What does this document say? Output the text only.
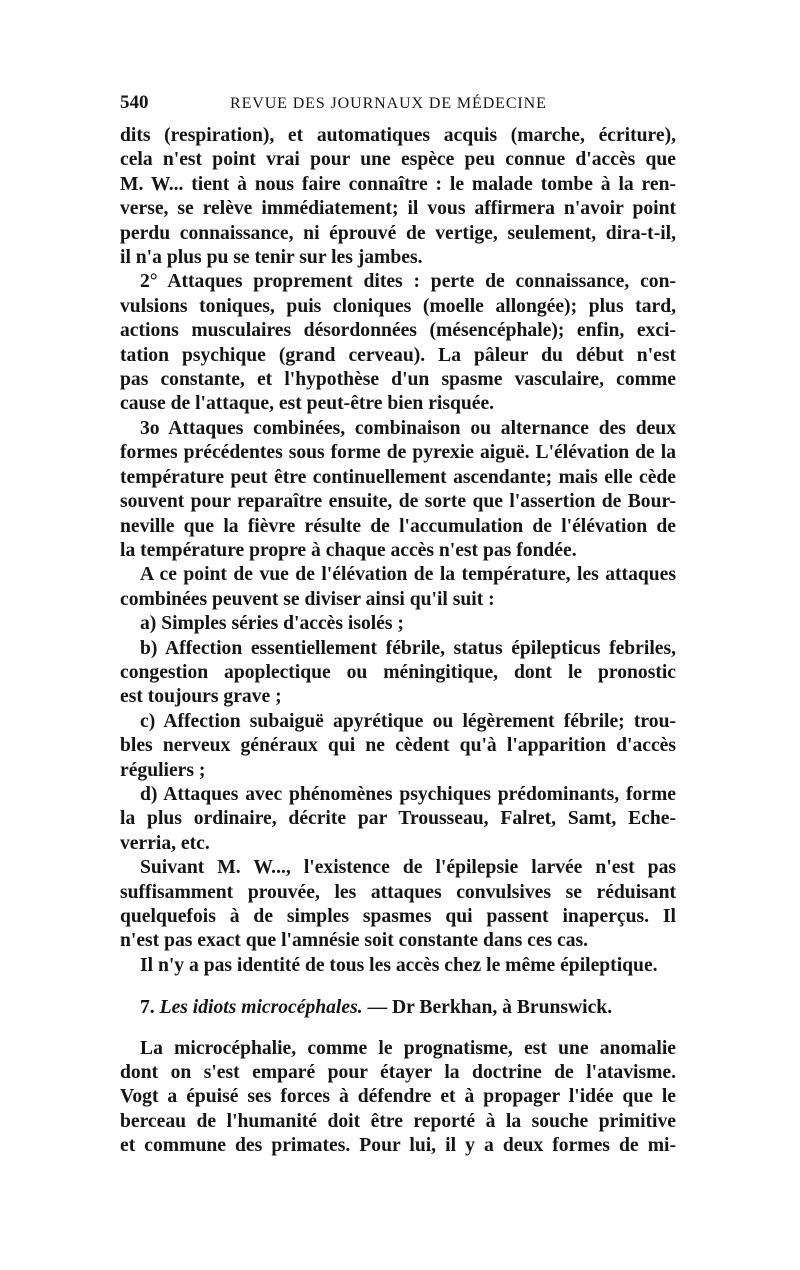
540	REVUE DES JOURNAUX DE MÉDECINE

dits (respiration), et automatiques acquis (marche, écriture),
cela n'est point vrai pour une espèce peu connue d'accès que
M. W... tient à nous faire connaître : le malade tombe à la ren-
verse, se relève immédiatement; il vous affirmera n'avoir point
perdu connaissance, ni éprouvé de vertige, seulement, dira-t-il,
il n'a plus pu se tenir sur les jambes.

2° Attaques proprement dites : perte de connaissance, con-
vulsions toniques, puis cloniques (moelle allongée); plus tard,
actions musculaires désordonnées (mésencéphale); enfin, exci-
tation psychique (grand cerveau). La pâleur du début n'est
pas constante, et l'hypothèse d'un spasme vasculaire, comme
cause de l'attaque, est peut-être bien risquée.

3o Attaques combinées, combinaison ou alternance des deux
formes précédentes sous forme de pyrexie aiguë. L'élévation de la
température peut être continuellement ascendante; mais elle cède
souvent pour reparaître ensuite, de sorte que l'assertion de Bour-
neville que la fièvre résulte de l'accumulation de l'élévation de
la température propre à chaque accès n'est pas fondée.

A ce point de vue de l'élévation de la température, les attaques
combinées peuvent se diviser ainsi qu'il suit :

a) Simples séries d'accès isolés ;

b) Affection essentiellement fébrile, status épilepticus febriles,
congestion apoplectique ou méningitique, dont le pronostic
est toujours grave ;

c) Affection subaiguë apyrétique ou légèrement fébrile; trou-
bles nerveux généraux qui ne cèdent qu'à l'apparition d'accès
réguliers ;

d) Attaques avec phénomènes psychiques prédominants, forme
la plus ordinaire, décrite par Trousseau, Falret, Samt, Eche-
verria, etc.

Suivant M. W..., l'existence de l'épilepsie larvée n'est pas
suffisamment prouvée, les attaques convulsives se réduisant
quelquefois à de simples spasmes qui passent inaperçus. Il
n'est pas exact que l'amnésie soit constante dans ces cas.

Il n'y a pas identité de tous les accès chez le même épileptique.

7. Les idiots microcéphales. — Dr Berkhan, à Brunswick.

La microcéphalie, comme le prognatisme, est une anomalie
dont on s'est emparé pour étayer la doctrine de l'atavisme.
Vogt a épuisé ses forces à défendre et à propager l'idée que le
berceau de l'humanité doit être reporté à la souche primitive
et commune des primates. Pour lui, il y a deux formes de mi-
